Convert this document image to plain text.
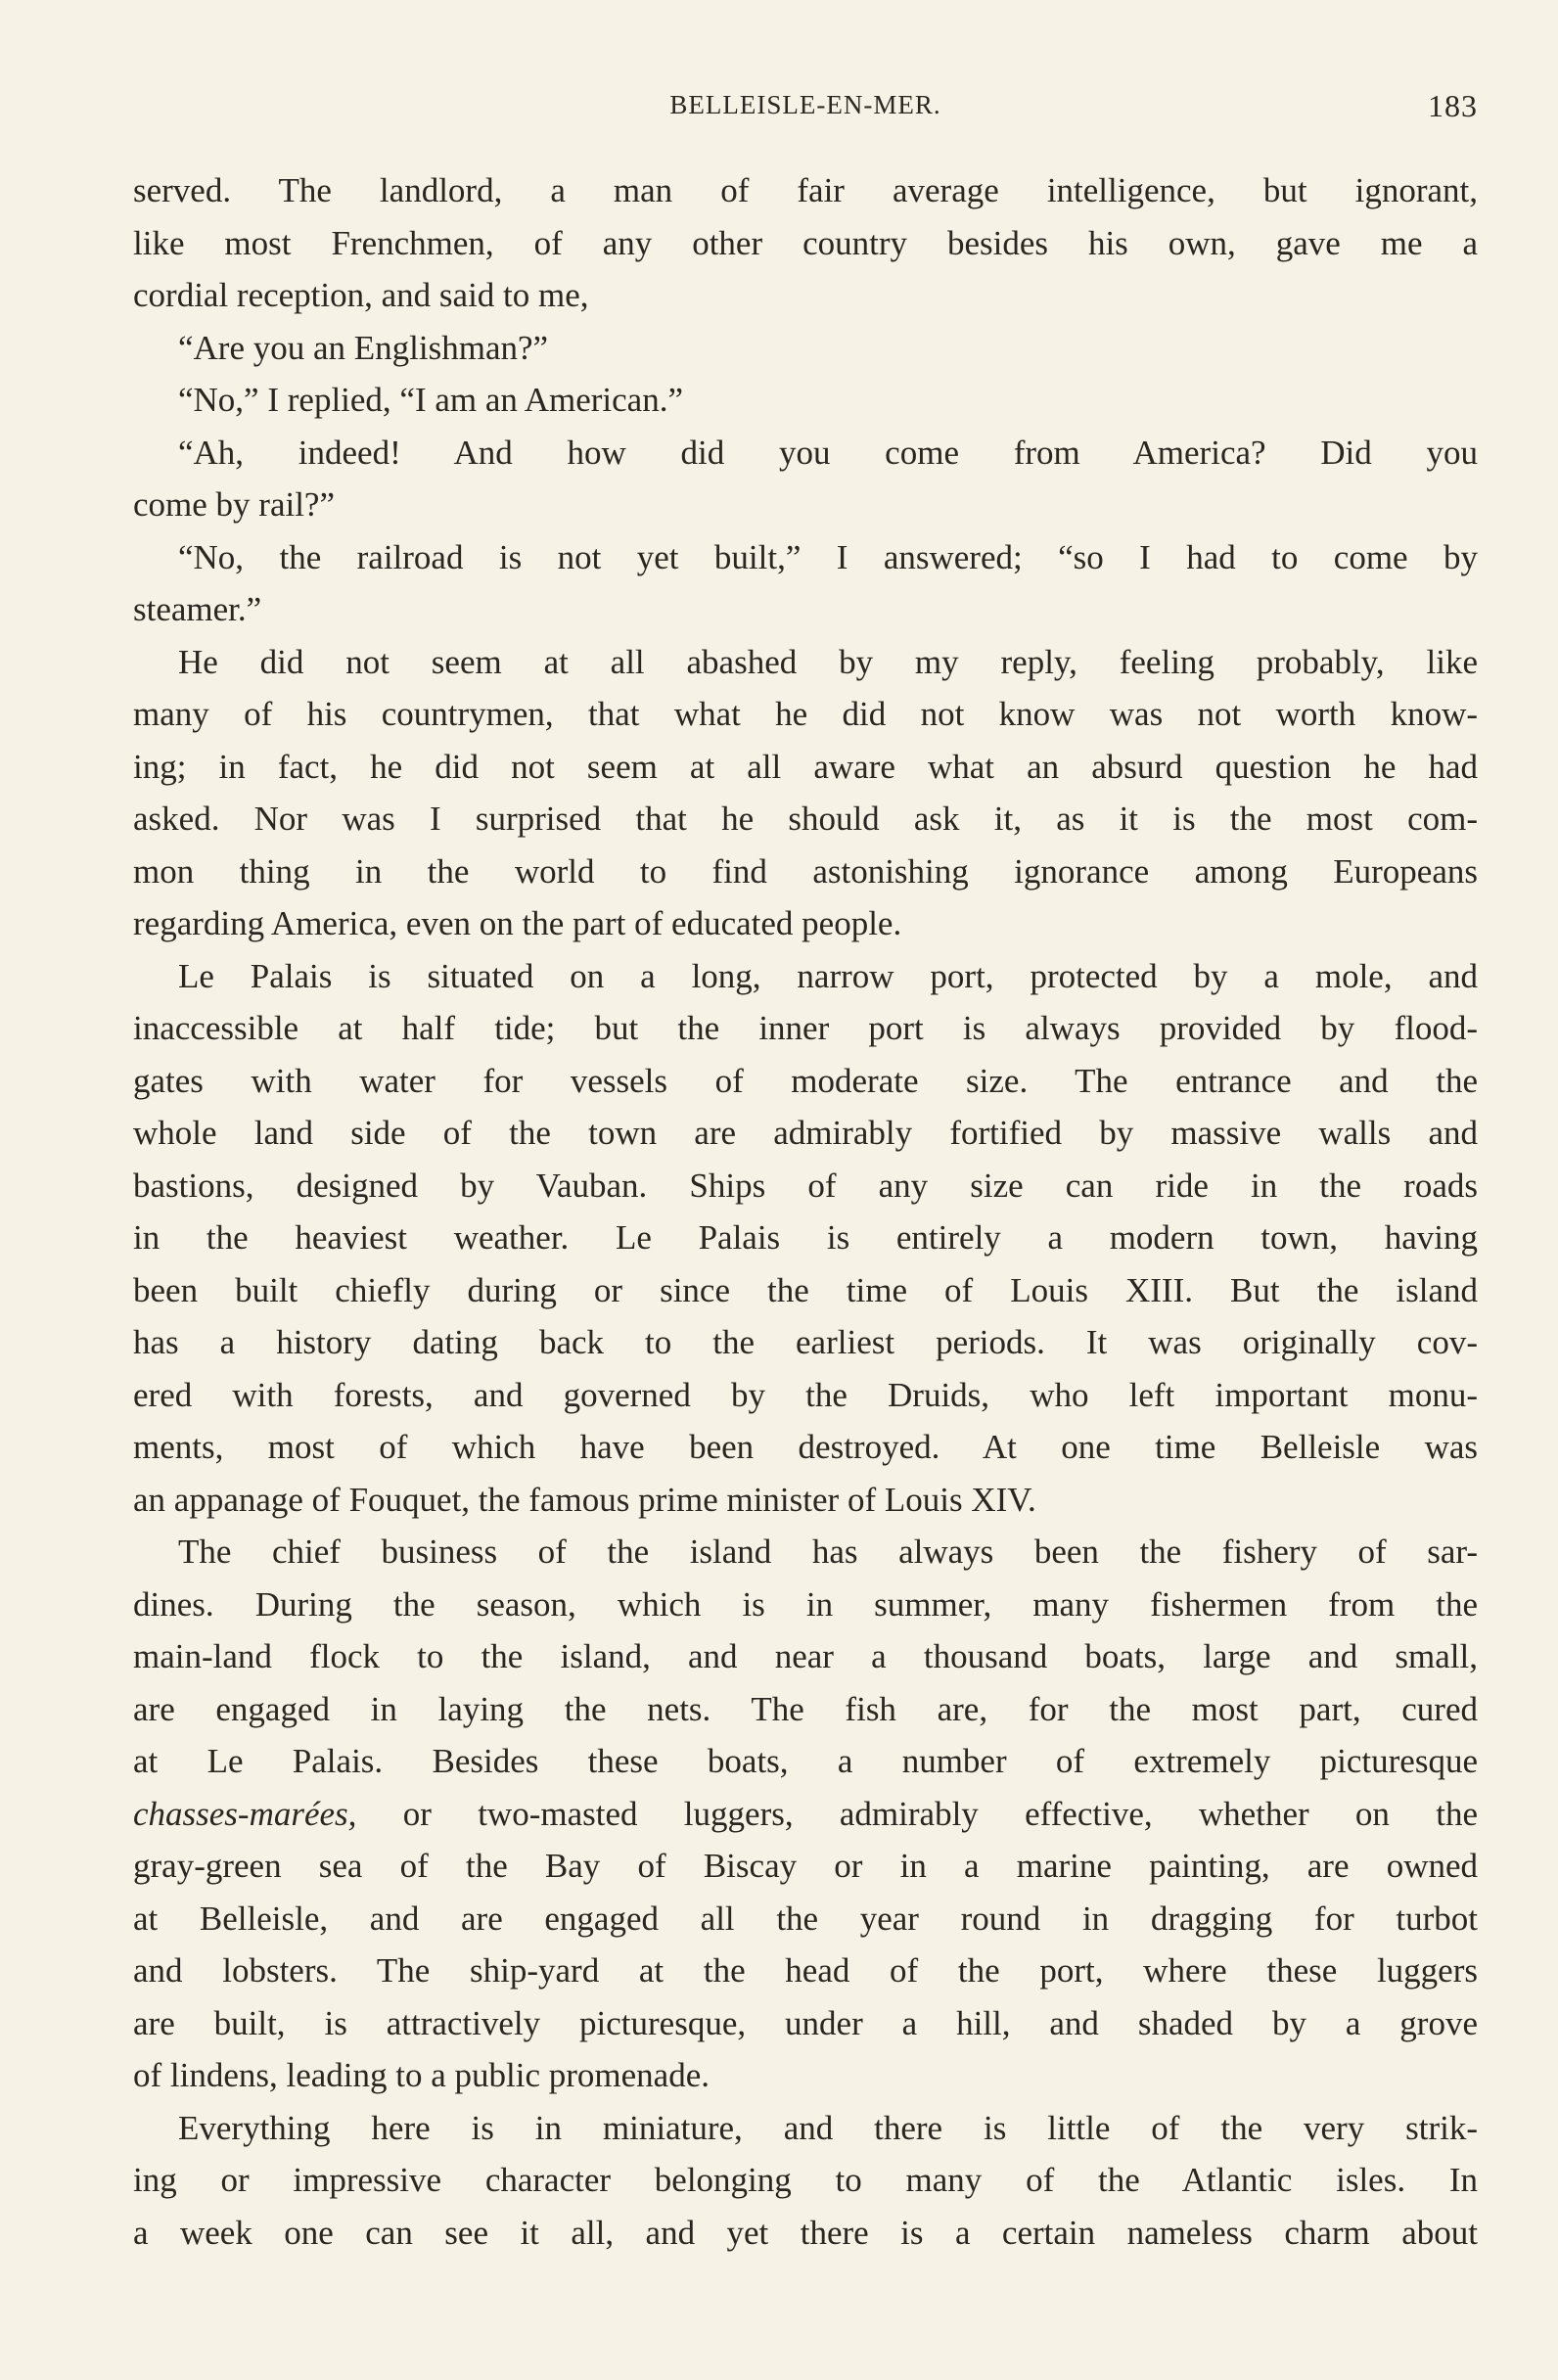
BELLEISLE-EN-MER.	183
served. The landlord, a man of fair average intelligence, but ignorant,
like most Frenchmen, of any other country besides his own, gave me a
cordial reception, and said to me,
“Are you an Englishman?”
“No,” I replied, “I am an American.”
“Ah, indeed! And how did you come from America? Did you
come by rail?”
“No, the railroad is not yet built,” I answered; “so I had to come by
steamer.”
He did not seem at all abashed by my reply, feeling probably, like
many of his countrymen, that what he did not know was not worth know-
ing; in fact, he did not seem at all aware what an absurd question he had
asked. Nor was I surprised that he should ask it, as it is the most com-
mon thing in the world to find astonishing ignorance among Europeans
regarding America, even on the part of educated people.
Le Palais is situated on a long, narrow port, protected by a mole, and
inaccessible at half tide; but the inner port is always provided by flood-
gates with water for vessels of moderate size. The entrance and the
whole land side of the town are admirably fortified by massive walls and
bastions, designed by Vauban. Ships of any size can ride in the roads
in the heaviest weather. Le Palais is entirely a modern town, having
been built chiefly during or since the time of Louis XIII. But the island
has a history dating back to the earliest periods. It was originally cov-
ered with forests, and governed by the Druids, who left important monu-
ments, most of which have been destroyed. At one time Belleisle was
an appanage of Fouquet, the famous prime minister of Louis XIV.
The chief business of the island has always been the fishery of sar-
dines. During the season, which is in summer, many fishermen from the
main-land flock to the island, and near a thousand boats, large and small,
are engaged in laying the nets. The fish are, for the most part, cured
at Le Palais. Besides these boats, a number of extremely picturesque
chasses-marées, or two-masted luggers, admirably effective, whether on the
gray-green sea of the Bay of Biscay or in a marine painting, are owned
at Belleisle, and are engaged all the year round in dragging for turbot
and lobsters. The ship-yard at the head of the port, where these luggers
are built, is attractively picturesque, under a hill, and shaded by a grove
of lindens, leading to a public promenade.
Everything here is in miniature, and there is little of the very strik-
ing or impressive character belonging to many of the Atlantic isles. In
a week one can see it all, and yet there is a certain nameless charm about
